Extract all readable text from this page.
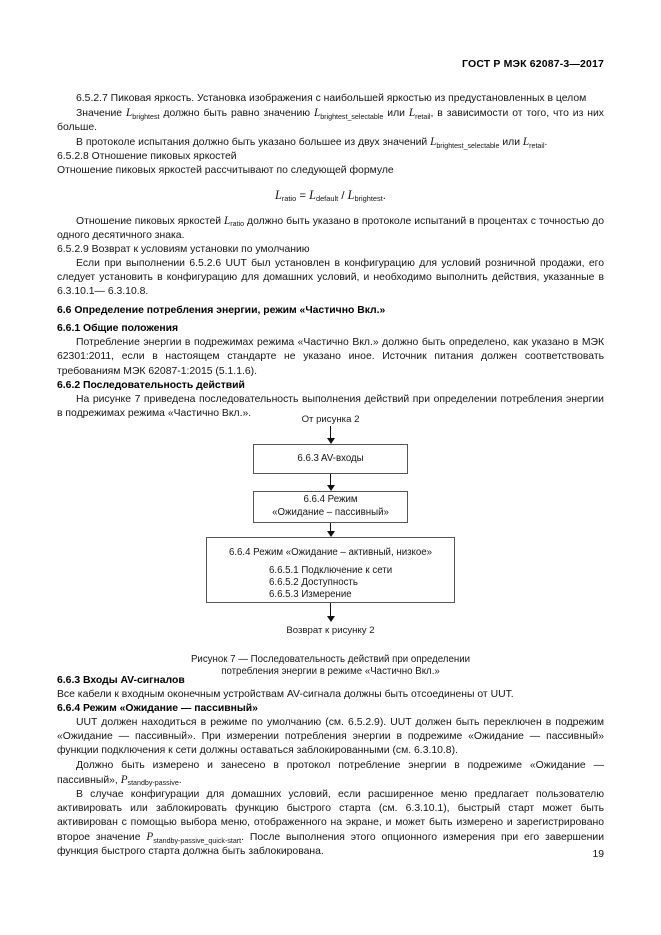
ГОСТ Р МЭК 62087-3—2017

6.5.2.7 Пиковая яркость. Установка изображения с наибольшей яркостью из предустановленных в целом

Значение $L_{brightest}$ должно быть равно значению $L_{brightest\_selectable}$ или $L_{retail}$, в зависимости от того, что из них больше.

В протоколе испытания должно быть указано большее из двух значений $L_{brightest\_selectable}$ или $L_{retail}$.

6.5.2.8 Отношение пиковых яркостей

Отношение пиковых яркостей рассчитывают по следующей формуле

$L_{ratio} = L_{default} / L_{brightest}$.

Отношение пиковых яркостей $L_{ratio}$ должно быть указано в протоколе испытаний в процентах с точностью до одного десятичного знака.

6.5.2.9 Возврат к условиям установки по умолчанию

Если при выполнении 6.5.2.6 UUT был установлен в конфигурацию для условий розничной продажи, его следует установить в конфигурацию для домашних условий, и необходимо выполнить действия, указанные в 6.3.10.1— 6.3.10.8.

6.6 Определение потребления энергии, режим «Частично Вкл.»
6.6.1 Общие положения

Потребление энергии в подрежимах режима «Частично Вкл.» должно быть определено, как указано в МЭК 62301:2011, если в настоящем стандарте не указано иное. Источник питания должен соответствовать требованиям МЭК 62087-1:2015 (5.1.1.6).

6.6.2 Последовательность действий

На рисунке 7 приведена последовательность выполнения действий при определении потребления энергии в подрежимах режима «Частично Вкл.».

От рисунка 2
6.6.3 AV-входы
6.6.4 Режим
«Ожидание – пассивный»
6.6.4 Режим «Ожидание – активный, низкое»
6.6.5.1 Подключение к сети
6.6.5.2 Доступность
6.6.5.3 Измерение
Возврат к рисунку 2
Рисунок 7 — Последовательность действий при определении
потребления энергии в режиме «Частично Вкл.»
6.6.3 Входы AV-сигналов

Все кабели к входным оконечным устройствам AV-сигнала должны быть отсоединены от UUT.

6.6.4 Режим «Ожидание — пассивный»

UUT должен находиться в режиме по умолчанию (см. 6.5.2.9). UUT должен быть переключен в подрежим «Ожидание — пассивный». При измерении потребления энергии в подрежиме «Ожидание — пассивный» функции подключения к сети должны оставаться заблокированными (см. 6.3.10.8).

Должно быть измерено и занесено в протокол потребление энергии в подрежиме «Ожидание — пассивный», $P_{standby-passive}$.

В случае конфигурации для домашних условий, если расширенное меню предлагает пользователю активировать или заблокировать функцию быстрого старта (см. 6.3.10.1), быстрый старт может быть активирован с помощью выбора меню, отображенного на экране, и может быть измерено и зарегистрировано второе значение $P_{standby-passive\_quick-start}$. После выполнения этого опционного измерения при его завершении функция быстрого старта должна быть заблокирована.	19
